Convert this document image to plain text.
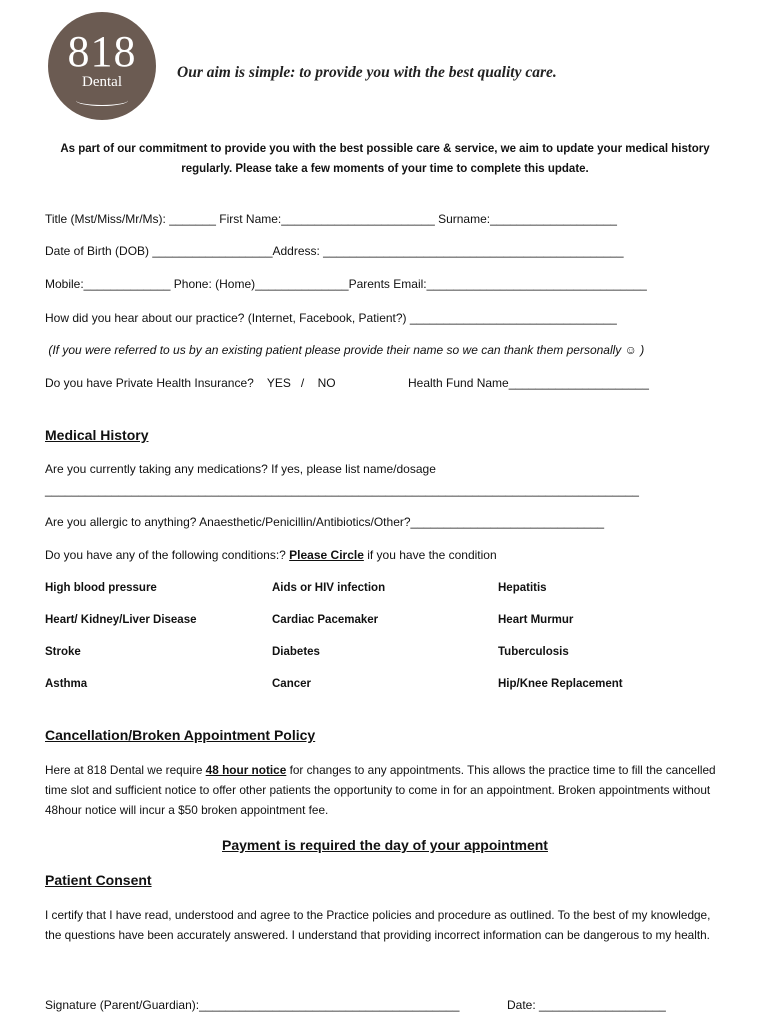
818
Dental
Our aim is simple: to provide you with the best quality care.
As part of our commitment to provide you with the best possible care & service, we aim to update your medical history regularly. Please take a few moments of your time to complete this update.
Title (Mst/Miss/Mr/Ms): _______ First Name:_______________________ Surname:___________________
Date of Birth (DOB) __________________Address: _____________________________________________
Mobile:_____________ Phone: (Home)______________Parents Email:_________________________________
How did you hear about our practice? (Internet, Facebook, Patient?) _______________________________
(If you were referred to us by an existing patient please provide their name so we can thank them personally ☺ )
Do you have Private Health Insurance?    YES   /    NO	Health Fund Name_____________________
Medical History
Are you currently taking any medications? If yes, please list name/dosage
_________________________________________________________________________________________
Are you allergic to anything? Anaesthetic/Penicillin/Antibiotics/Other?_____________________________
Do you have any of the following conditions:? Please Circle if you have the condition
High blood pressure	Aids or HIV infection	Hepatitis
Heart/ Kidney/Liver Disease	Cardiac Pacemaker	Heart Murmur
Stroke	Diabetes	Tuberculosis
Asthma	Cancer	Hip/Knee Replacement
Cancellation/Broken Appointment Policy
Here at 818 Dental we require 48 hour notice for changes to any appointments. This allows the practice time to fill the cancelled time slot and sufficient notice to offer other patients the opportunity to come in for an appointment. Broken appointments without 48hour notice will incur a $50 broken appointment fee.
Payment is required the day of your appointment
Patient Consent
I certify that I have read, understood and agree to the Practice policies and procedure as outlined. To the best of my knowledge, the questions have been accurately answered. I understand that providing incorrect information can be dangerous to my health.
Signature (Parent/Guardian):_______________________________________	Date: ___________________
